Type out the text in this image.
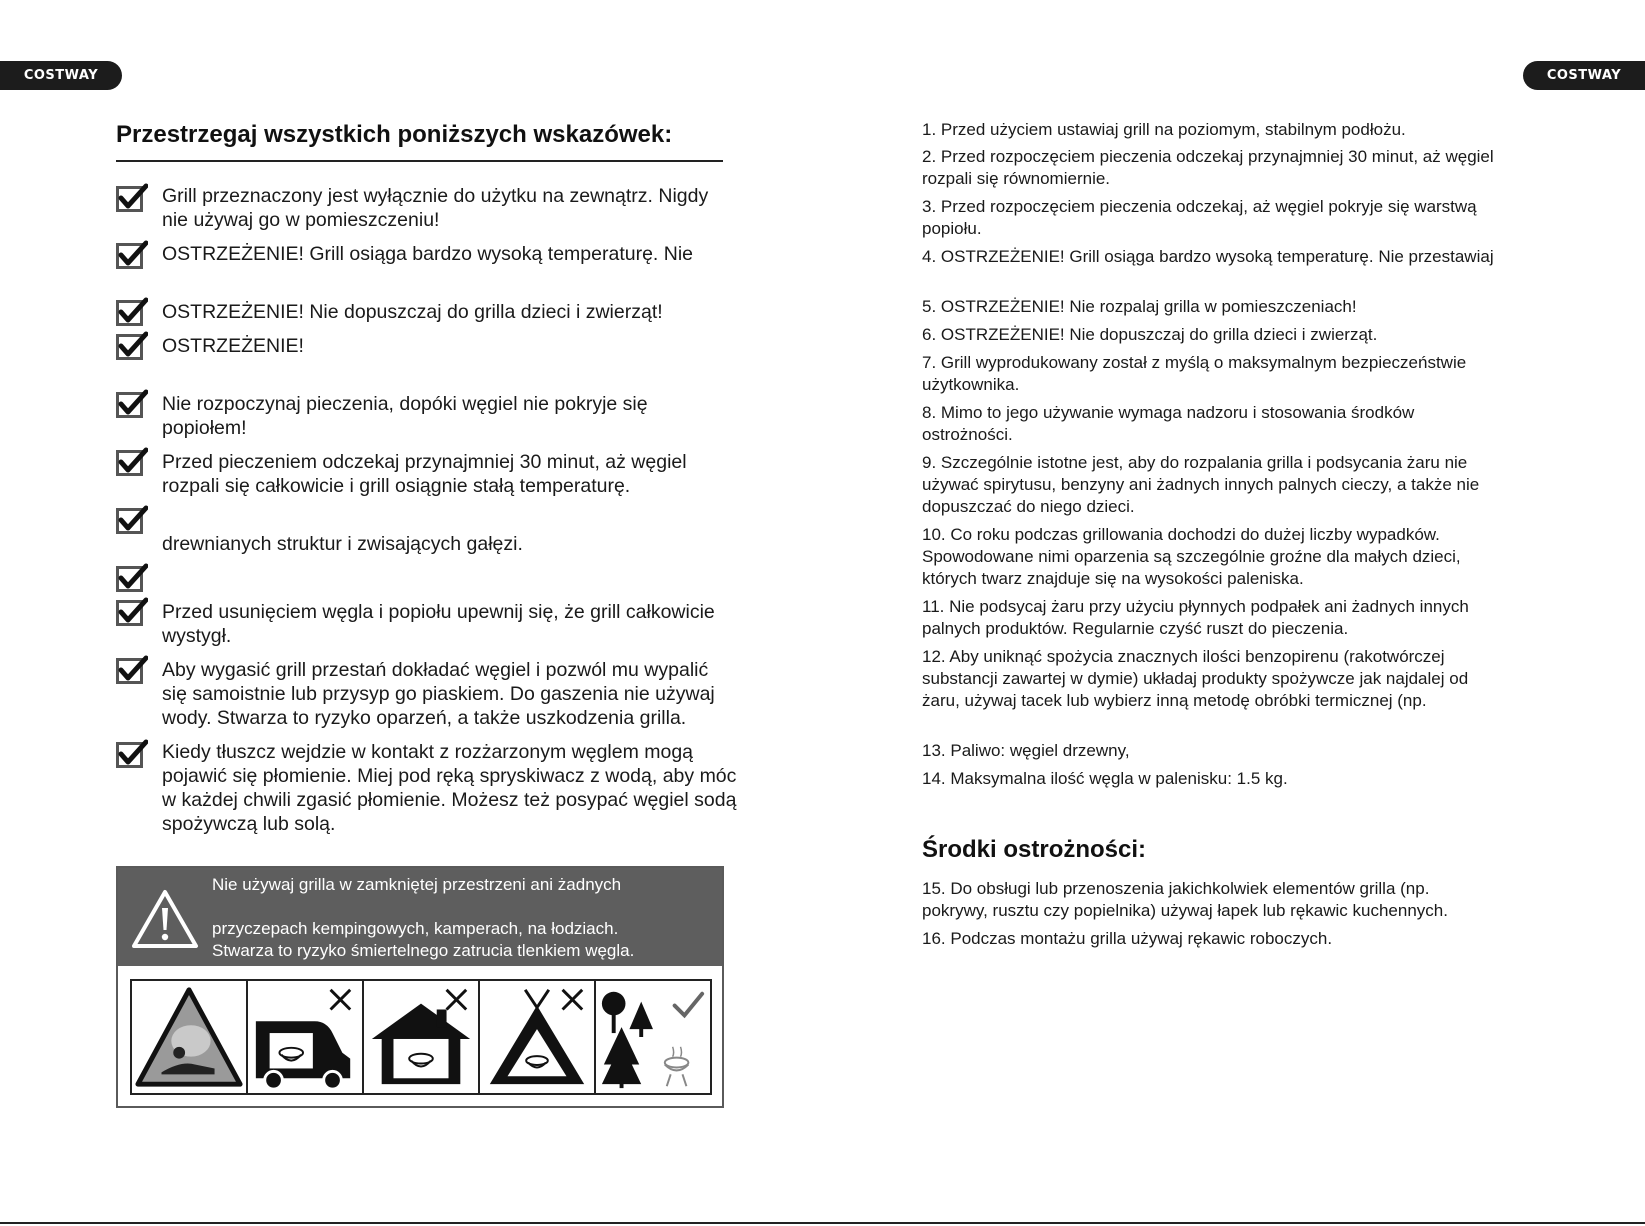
COSTWAY	COSTWAY
Przestrzegaj wszystkich poniższych wskazówek:
Grill przeznaczony jest wyłącznie do użytku na zewnątrz. Nigdy nie używaj go w pomieszczeniu!
OSTRZEŻENIE! Grill osiąga bardzo wysoką temperaturę. Nie
OSTRZEŻENIE! Nie dopuszczaj do grilla dzieci i zwierząt!
OSTRZEŻENIE!
Nie rozpoczynaj pieczenia, dopóki węgiel nie pokryje się popiołem!
Przed pieczeniem odczekaj przynajmniej 30 minut, aż węgiel rozpali się całkowicie i grill osiągnie stałą temperaturę.
drewnianych struktur i zwisających gałęzi.
Przed usunięciem węgla i popiołu upewnij się, że grill całkowicie wystygł.
Aby wygasić grill przestań dokładać węgiel i pozwól mu wypalić się samoistnie lub przysyp go piaskiem. Do gaszenia nie używaj wody. Stwarza to ryzyko oparzeń, a także uszkodzenia grilla.
Kiedy tłuszcz wejdzie w kontakt z rozżarzonym węglem mogą pojawić się płomienie. Miej pod ręką spryskiwacz z wodą, aby móc w każdej chwili zgasić płomienie. Możesz też posypać węgiel sodą spożywczą lub solą.
Nie używaj grilla w zamkniętej przestrzeni ani żadnych
przyczepach kempingowych, kamperach, na łodziach.
Stwarza to ryzyko śmiertelnego zatrucia tlenkiem węgla.
1. Przed użyciem ustawiaj grill na poziomym, stabilnym podłożu.
2. Przed rozpoczęciem pieczenia odczekaj przynajmniej 30 minut, aż węgiel
rozpali się równomiernie.
3. Przed rozpoczęciem pieczenia odczekaj, aż węgiel pokryje się warstwą
popiołu.
4. OSTRZEŻENIE! Grill osiąga bardzo wysoką temperaturę. Nie przestawiaj
5. OSTRZEŻENIE! Nie rozpalaj grilla w pomieszczeniach!
6. OSTRZEŻENIE! Nie dopuszczaj do grilla dzieci i zwierząt.
7. Grill wyprodukowany został z myślą o maksymalnym bezpieczeństwie
użytkownika.
8. Mimo to jego używanie wymaga nadzoru i stosowania środków
ostrożności.
9. Szczególnie istotne jest, aby do rozpalania grilla i podsycania żaru nie
używać spirytusu, benzyny ani żadnych innych palnych cieczy, a także nie
dopuszczać do niego dzieci.
10. Co roku podczas grillowania dochodzi do dużej liczby wypadków.
Spowodowane nimi oparzenia są szczególnie groźne dla małych dzieci,
których twarz znajduje się na wysokości paleniska.
11. Nie podsycaj żaru przy użyciu płynnych podpałek ani żadnych innych
palnych produktów. Regularnie czyść ruszt do pieczenia.
12. Aby uniknąć spożycia znacznych ilości benzopirenu (rakotwórczej
substancji zawartej w dymie) układaj produkty spożywcze jak najdalej od
żaru, używaj tacek lub wybierz inną metodę obróbki termicznej (np.
13. Paliwo: węgiel drzewny,
14. Maksymalna ilość węgla w palenisku: 1.5 kg.
Środki ostrożności:
15. Do obsługi lub przenoszenia jakichkolwiek elementów grilla (np.
pokrywy, rusztu czy popielnika) używaj łapek lub rękawic kuchennych.
16. Podczas montażu grilla używaj rękawic roboczych.
